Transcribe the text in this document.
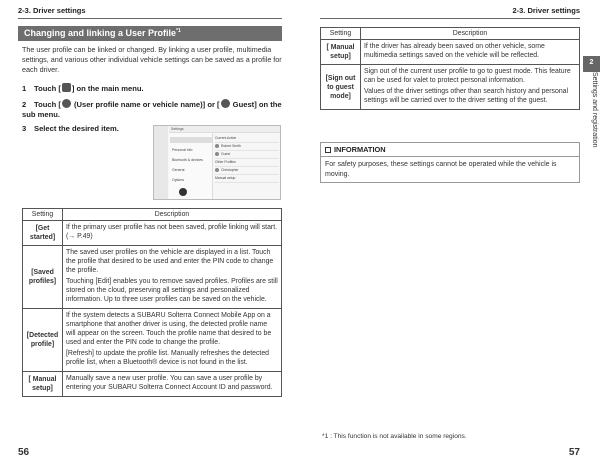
2-3. Driver settings
Changing and linking a User Profile$^{*1}$
The user profile can be linked or changed. By linking a user profile, multimedia settings, and various other individual vehicle settings can be saved as a profile for each driver.
1 Touch [ ] on the main menu.
2 Touch [ (User profile name or vehicle name)] or [ Guest] on the sub menu.
3 Select the desired item.
Personal info
Bluetooth & devices
General
Options
Settings
Current Active
Robert Smith
Guest
Other Profiles
Christopher
Manual setup
Setting	Description
[Get started]	If the primary user profile has not been saved, profile linking will start.(→ P.49)

[Saved profiles]	The saved user profiles on the vehicle are displayed in a list. Touch the profile that desired to be used and enter the PIN code to change the profile.

Touching [Edit] enables you to remove saved profiles. Profiles are still stored on the cloud, preserving all settings and personalized information. Up to three user profiles can be saved on the vehicle.

[Detected profile]	If the system detects a SUBARU Solterra Connect Mobile App on a smartphone that another driver is using, the detected profile name will appear on the screen. Touch the profile name that desired to be used and enter the PIN code to change the profile.

[Refresh] to update the profile list. Manually refreshes the detected profile list, when a Bluetooth® device is not found in the list.

[ Manual setup]	Manually save a new user profile. You can save a user profile by entering your SUBARU Solterra Connect Account ID and password.

56
2-3. Driver settings
Setting	Description
[ Manual setup]	If the driver has already been saved on other vehicle, some multimedia settings saved on the vehicle will be reflected.

[Sign out to guest mode]	Sign out of the current user profile to go to guest mode. This feature can be used for valet to protect personal information.

Values of the driver settings other than search history and personal settings will be carried over to the driver setting of the guest.

INFORMATION
For safety purposes, these settings cannot be operated while the vehicle is moving.
*1 : This function is not available in some regions.
57
2
Settings and registration
